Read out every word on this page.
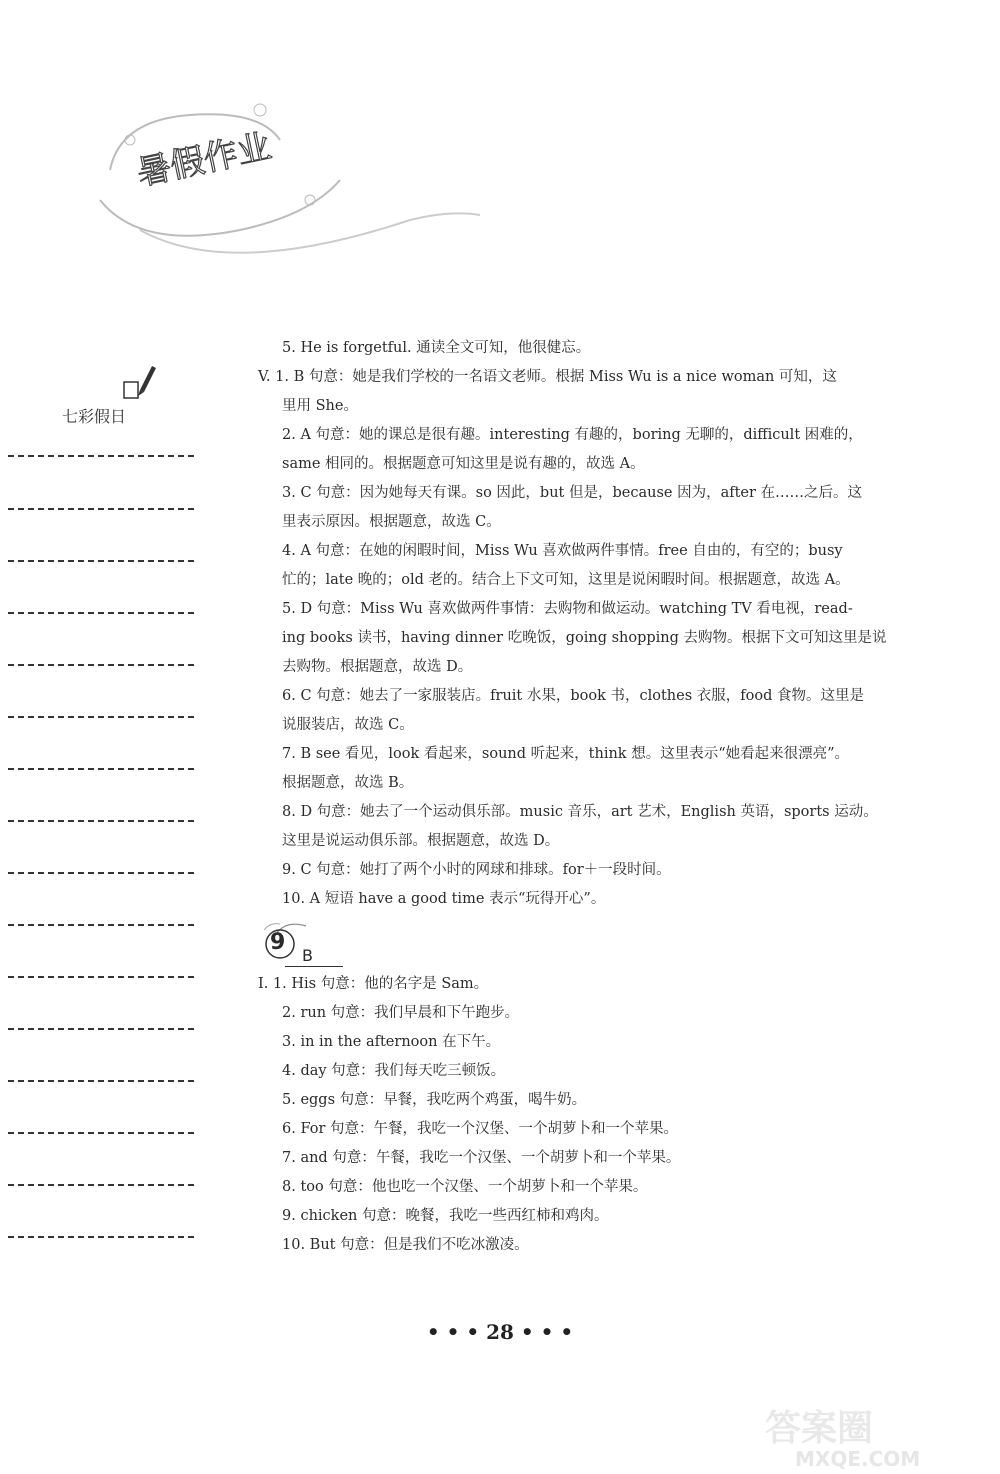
暑假作业
七彩假日
5. He is forgetful. 通读全文可知，他很健忘。
V. 1. B 句意：她是我们学校的一名语文老师。根据 Miss Wu is a nice woman 可知，这
里用 She。
2. A 句意：她的课总是很有趣。interesting 有趣的，boring 无聊的，difficult 困难的，
same 相同的。根据题意可知这里是说有趣的，故选 A。
3. C 句意：因为她每天有课。so 因此，but 但是，because 因为，after 在……之后。这
里表示原因。根据题意，故选 C。
4. A 句意：在她的闲暇时间，Miss Wu 喜欢做两件事情。free 自由的，有空的；busy
忙的；late 晚的；old 老的。结合上下文可知，这里是说闲暇时间。根据题意，故选 A。
5. D 句意：Miss Wu 喜欢做两件事情：去购物和做运动。watching TV 看电视，read-
ing books 读书，having dinner 吃晚饭，going shopping 去购物。根据下文可知这里是说
去购物。根据题意，故选 D。
6. C 句意：她去了一家服装店。fruit 水果，book 书，clothes 衣服，food 食物。这里是
说服装店，故选 C。
7. B see 看见，look 看起来，sound 听起来，think 想。这里表示“她看起来很漂亮”。
根据题意，故选 B。
8. D 句意：她去了一个运动俱乐部。music 音乐，art 艺术，English 英语，sports 运动。
这里是说运动俱乐部。根据题意，故选 D。
9. C 句意：她打了两个小时的网球和排球。for＋一段时间。
10. A 短语 have a good time 表示“玩得开心”。
9
B
I. 1. His 句意：他的名字是 Sam。
2. run 句意：我们早晨和下午跑步。
3. in in the afternoon 在下午。
4. day 句意：我们每天吃三顿饭。
5. eggs 句意：早餐，我吃两个鸡蛋，喝牛奶。
6. For 句意：午餐，我吃一个汉堡、一个胡萝卜和一个苹果。
7. and 句意：午餐，我吃一个汉堡、一个胡萝卜和一个苹果。
8. too 句意：他也吃一个汉堡、一个胡萝卜和一个苹果。
9. chicken 句意：晚餐，我吃一些西红柿和鸡肉。
10. But 句意：但是我们不吃冰激凌。
• • • 28 • • •
答案圈
MXQE.COM
